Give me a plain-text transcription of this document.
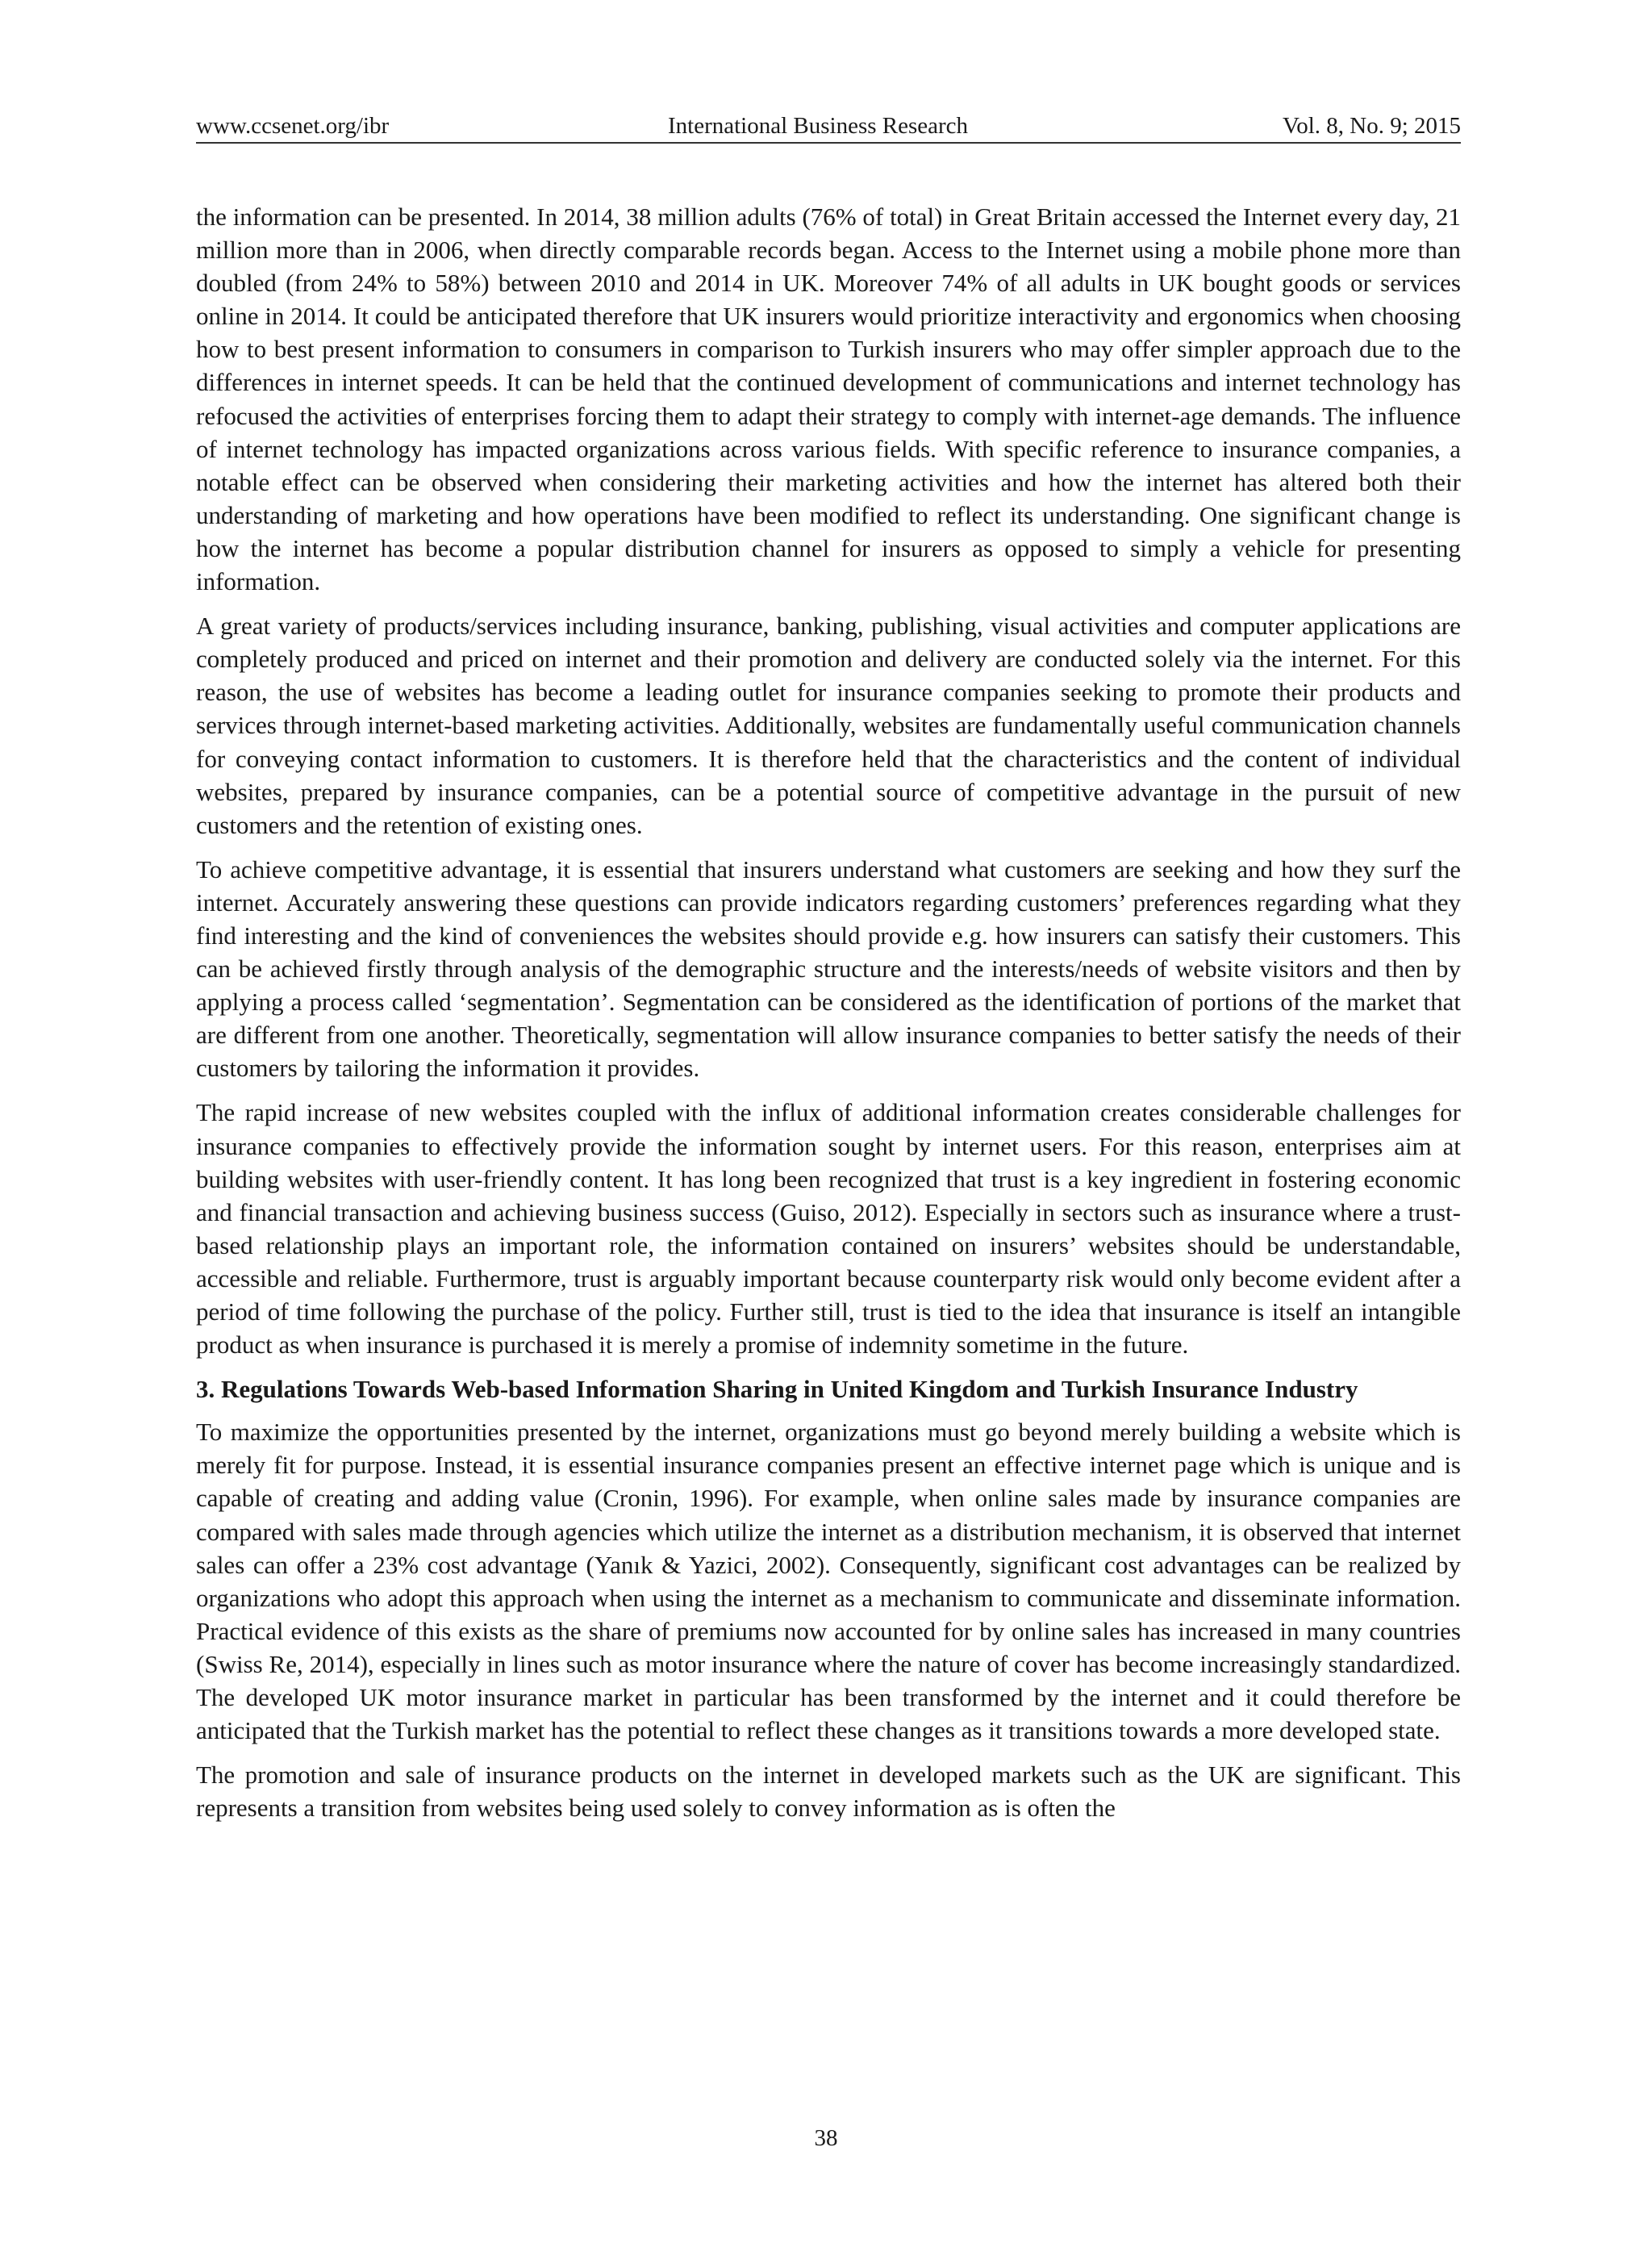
www.ccsenet.org/ibr	International Business Research	Vol. 8, No. 9; 2015

the information can be presented. In 2014, 38 million adults (76% of total) in Great Britain accessed the Internet every day, 21 million more than in 2006, when directly comparable records began. Access to the Internet using a mobile phone more than doubled (from 24% to 58%) between 2010 and 2014 in UK. Moreover 74% of all adults in UK bought goods or services online in 2014. It could be anticipated therefore that UK insurers would prioritize interactivity and ergonomics when choosing how to best present information to consumers in comparison to Turkish insurers who may offer simpler approach due to the differences in internet speeds. It can be held that the continued development of communications and internet technology has refocused the activities of enterprises forcing them to adapt their strategy to comply with internet-age demands. The influence of internet technology has impacted organizations across various fields. With specific reference to insurance companies, a notable effect can be observed when considering their marketing activities and how the internet has altered both their understanding of marketing and how operations have been modified to reflect its understanding. One significant change is how the internet has become a popular distribution channel for insurers as opposed to simply a vehicle for presenting information.

A great variety of products/services including insurance, banking, publishing, visual activities and computer applications are completely produced and priced on internet and their promotion and delivery are conducted solely via the internet. For this reason, the use of websites has become a leading outlet for insurance companies seeking to promote their products and services through internet-based marketing activities. Additionally, websites are fundamentally useful communication channels for conveying contact information to customers. It is therefore held that the characteristics and the content of individual websites, prepared by insurance companies, can be a potential source of competitive advantage in the pursuit of new customers and the retention of existing ones.

To achieve competitive advantage, it is essential that insurers understand what customers are seeking and how they surf the internet. Accurately answering these questions can provide indicators regarding customers’ preferences regarding what they find interesting and the kind of conveniences the websites should provide e.g. how insurers can satisfy their customers. This can be achieved firstly through analysis of the demographic structure and the interests/needs of website visitors and then by applying a process called ‘segmentation’. Segmentation can be considered as the identification of portions of the market that are different from one another. Theoretically, segmentation will allow insurance companies to better satisfy the needs of their customers by tailoring the information it provides.

The rapid increase of new websites coupled with the influx of additional information creates considerable challenges for insurance companies to effectively provide the information sought by internet users. For this reason, enterprises aim at building websites with user-friendly content. It has long been recognized that trust is a key ingredient in fostering economic and financial transaction and achieving business success (Guiso, 2012). Especially in sectors such as insurance where a trust-based relationship plays an important role, the information contained on insurers’ websites should be understandable, accessible and reliable. Furthermore, trust is arguably important because counterparty risk would only become evident after a period of time following the purchase of the policy. Further still, trust is tied to the idea that insurance is itself an intangible product as when insurance is purchased it is merely a promise of indemnity sometime in the future.

3. Regulations Towards Web-based Information Sharing in United Kingdom and Turkish Insurance Industry

To maximize the opportunities presented by the internet, organizations must go beyond merely building a website which is merely fit for purpose. Instead, it is essential insurance companies present an effective internet page which is unique and is capable of creating and adding value (Cronin, 1996). For example, when online sales made by insurance companies are compared with sales made through agencies which utilize the internet as a distribution mechanism, it is observed that internet sales can offer a 23% cost advantage (Yanık & Yazici, 2002). Consequently, significant cost advantages can be realized by organizations who adopt this approach when using the internet as a mechanism to communicate and disseminate information. Practical evidence of this exists as the share of premiums now accounted for by online sales has increased in many countries (Swiss Re, 2014), especially in lines such as motor insurance where the nature of cover has become increasingly standardized. The developed UK motor insurance market in particular has been transformed by the internet and it could therefore be anticipated that the Turkish market has the potential to reflect these changes as it transitions towards a more developed state.

The promotion and sale of insurance products on the internet in developed markets such as the UK are significant. This represents a transition from websites being used solely to convey information as is often the

38
